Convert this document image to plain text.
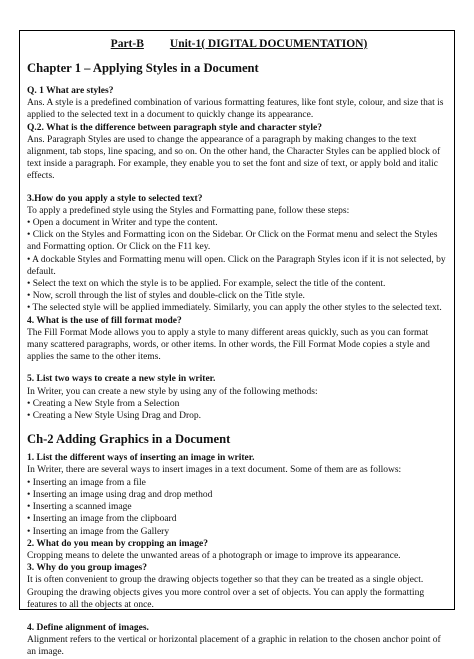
Part-B Unit-1( DIGITAL DOCUMENTATION)
Chapter 1 – Applying Styles in a Document

Q. 1 What are styles?

Ans. A style is a predefined combination of various formatting features, like font style, colour, and size that is applied to the selected text in a document to quickly change its appearance.

Q.2. What is the difference between paragraph style and character style?

Ans. Paragraph Styles are used to change the appearance of a paragraph by making changes to the text alignment, tab stops, line spacing, and so on. On the other hand, the Character Styles can be applied block of text inside a paragraph. For example, they enable you to set the font and size of text, or apply bold and italic effects.

3.How do you apply a style to selected text?

To apply a predefined style using the Styles and Formatting pane, follow these steps:

• Open a document in Writer and type the content.

• Click on the Styles and Formatting icon on the Sidebar. Or Click on the Format menu and select the Styles and Formatting option. Or Click on the F11 key.

• A dockable Styles and Formatting menu will open. Click on the Paragraph Styles icon if it is not selected, by default.

• Select the text on which the style is to be applied. For example, select the title of the content.

• Now, scroll through the list of styles and double-click on the Title style.

• The selected style will be applied immediately. Similarly, you can apply the other styles to the selected text.

4. What is the use of fill format mode?

The Fill Format Mode allows you to apply a style to many different areas quickly, such as you can format many scattered paragraphs, words, or other items. In other words, the Fill Format Mode copies a style and applies the same to the other items.

5. List two ways to create a new style in writer.

In Writer, you can create a new style by using any of the following methods:

• Creating a New Style from a Selection

• Creating a New Style Using Drag and Drop.

Ch-2 Adding Graphics in a Document

1. List the different ways of inserting an image in writer.

In Writer, there are several ways to insert images in a text document. Some of them are as follows:

• Inserting an image from a file

• Inserting an image using drag and drop method

• Inserting a scanned image

• Inserting an image from the clipboard

• Inserting an image from the Gallery

2. What do you mean by cropping an image?

Cropping means to delete the unwanted areas of a photograph or image to improve its appearance.

3. Why do you group images?

It is often convenient to group the drawing objects together so that they can be treated as a single object. Grouping the drawing objects gives you more control over a set of objects. You can apply the formatting features to all the objects at once.

4. Define alignment of images.

Alignment refers to the vertical or horizontal placement of a graphic in relation to the chosen anchor point of an image.
